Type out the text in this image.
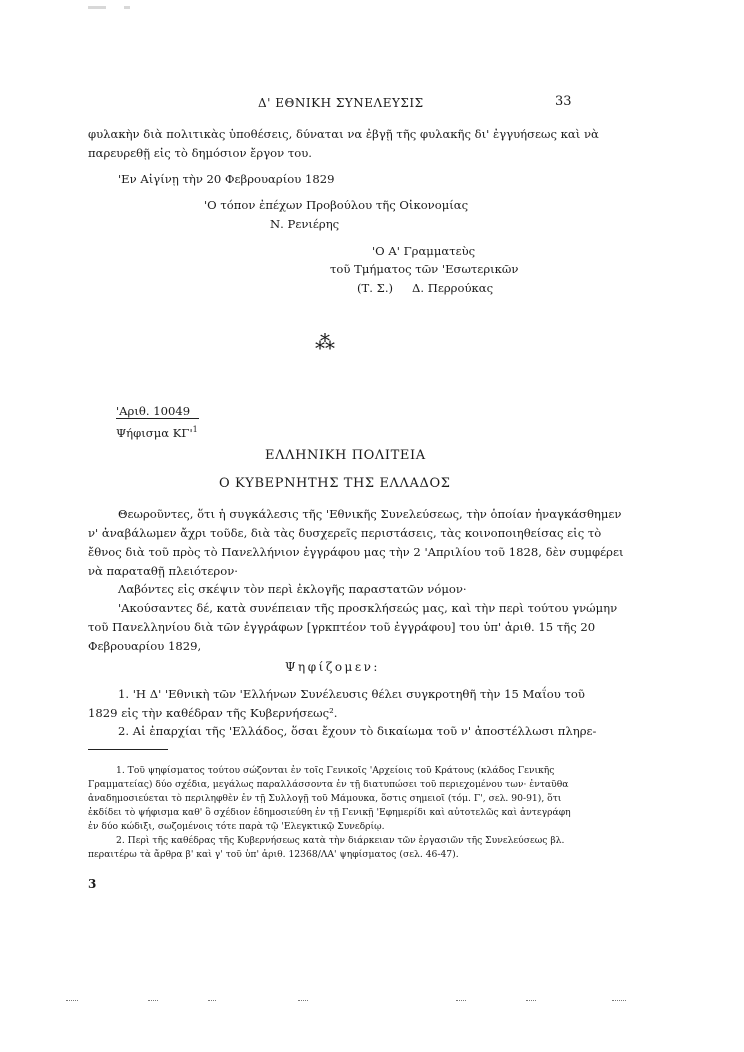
Δ' ΕΘΝΙΚΗ ΣΥΝΕΛΕΥΣΙΣ	33
φυλακὴν διὰ πολιτικὰς ὑποθέσεις, δύναται να ἐβγῇ τῆς φυλακῆς δι' ἐγγυήσεως καὶ νὰ
παρευρεθῇ εἰς τὸ δημόσιον ἔργον του.
'Εν Αἰγίνῃ τὴν 20 Φεβρουαρίου 1829
'Ο τόπον ἐπέχων Προβούλου τῆς Οἰκονομίας
Ν. Ρενιέρης
'Ο Α' Γραμματεὺς
τοῦ Τμήματος τῶν 'Εσωτερικῶν
(Τ. Σ.) Δ. Περρούκας
⁂
'Αριθ. 10049
Ψήφισμα $K\Gamma'^1$
ΕΛΛΗΝΙΚΗ ΠΟΛΙΤΕΙΑ
Ο ΚΥΒΕΡΝΗΤΗΣ ΤΗΣ ΕΛΛΑΔΟΣ
Θεωροῦντες, ὅτι ἡ συγκάλεσις τῆς 'Εθνικῆς Συνελεύσεως, τὴν ὁποίαν ἠναγκάσθημεν
ν' ἀναβάλωμεν ἄχρι τοῦδε, διὰ τὰς δυσχερεῖς περιστάσεις, τὰς κοινοποιηθείσας εἰς τὸ
ἔθνος διὰ τοῦ πρὸς τὸ Πανελλήνιον ἐγγράφου μας τὴν 2 'Απριλίου τοῦ 1828, δὲν συμφέρει
νὰ παραταθῇ πλειότερον·
Λαβόντες εἰς σκέψιν τὸν περὶ ἐκλογῆς παραστατῶν νόμον·
'Ακούσαντες δέ, κατὰ συνέπειαν τῆς προσκλήσεώς μας, καὶ τὴν περὶ τούτου γνώμην
τοῦ Πανελληνίου διὰ τῶν ἐγγράφων [γρκπτέον τοῦ ἐγγράφου] του ὑπ' ἀριθ. 15 τῆς 20
Φεβρουαρίου 1829,
Ψηφίζομεν:
1. 'Η Δ' 'Εθνικὴ τῶν 'Ελλήνων Συνέλευσις θέλει συγκροτηθῆ τὴν 15 Μαΐου τοῦ
1829 εἰς τὴν καθέδραν τῆς Κυβερνήσεως².
2. Αἱ ἐπαρχίαι τῆς 'Ελλάδος, ὅσαι ἔχουν τὸ δικαίωμα τοῦ ν' ἀποστέλλωσι πληρε-
1. Τοῦ ψηφίσματος τούτου σώζονται ἐν τοῖς Γενικοῖς 'Αρχείοις τοῦ Κράτους (κλάδος Γενικῆς
Γραμματείας) δύο σχέδια, μεγάλως παραλλάσσοντα ἐν τῇ διατυπώσει τοῦ περιεχομένου των· ἐνταῦθα
ἀναδημοσιεύεται τὸ περιληφθὲν ἐν τῇ Συλλογῇ τοῦ Μάμουκα, ὅστις σημειοῖ (τόμ. Γ', σελ. 90-91), ὅτι
ἐκδίδει τὸ ψήφισμα καθ' ὃ σχέδιον ἐδημοσιεύθη ἐν τῇ Γενικῇ 'Εφημερίδι καὶ αὐτοτελῶς καὶ ἀντεγράφη
ἐν δύο κώδιξι, σωζομένοις τότε παρὰ τῷ 'Ελεγκτικῷ Συνεδρίῳ.
2. Περὶ τῆς καθέδρας τῆς Κυβερνήσεως κατὰ τὴν διάρκειαν τῶν ἐργασιῶν τῆς Συνελεύσεως βλ.
περαιτέρω τὰ ἄρθρα β' καὶ γ' τοῦ ὑπ' ἀριθ. 12368/ΛΑ' ψηφίσματος (σελ. 46-47).
3
